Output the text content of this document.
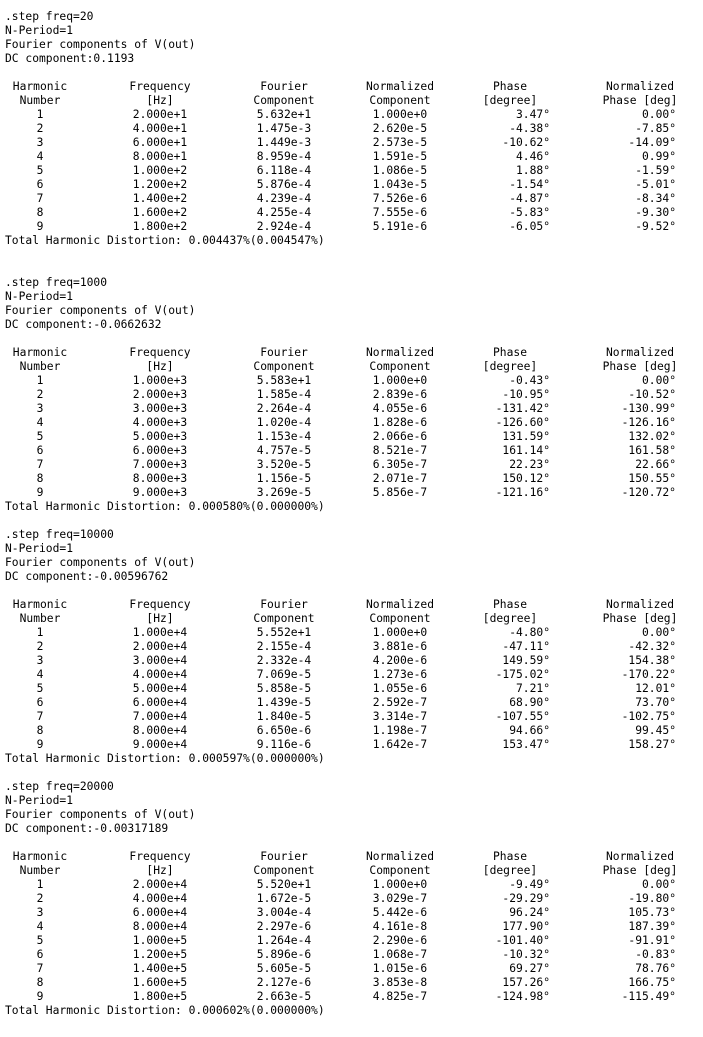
.step freq=20
N-Period=1
Fourier components of V(out)
DC component:0.1193
Harmonic	Frequency	Fourier	Normalized	Phase	Normalized
Number	[Hz]	Component	Component	[degree]	Phase [deg]
1	2.000e+1	5.632e+1	1.000e+0	3.47°	0.00°
2	4.000e+1	1.475e-3	2.620e-5	-4.38°	-7.85°
3	6.000e+1	1.449e-3	2.573e-5	-10.62°	-14.09°
4	8.000e+1	8.959e-4	1.591e-5	4.46°	0.99°
5	1.000e+2	6.118e-4	1.086e-5	1.88°	-1.59°
6	1.200e+2	5.876e-4	1.043e-5	-1.54°	-5.01°
7	1.400e+2	4.239e-4	7.526e-6	-4.87°	-8.34°
8	1.600e+2	4.255e-4	7.555e-6	-5.83°	-9.30°
9	1.800e+2	2.924e-4	5.191e-6	-6.05°	-9.52°
Total Harmonic Distortion: 0.004437%(0.004547%)
.step freq=1000
N-Period=1
Fourier components of V(out)
DC component:-0.0662632
Harmonic	Frequency	Fourier	Normalized	Phase	Normalized
Number	[Hz]	Component	Component	[degree]	Phase [deg]
1	1.000e+3	5.583e+1	1.000e+0	-0.43°	0.00°
2	2.000e+3	1.585e-4	2.839e-6	-10.95°	-10.52°
3	3.000e+3	2.264e-4	4.055e-6	-131.42°	-130.99°
4	4.000e+3	1.020e-4	1.828e-6	-126.60°	-126.16°
5	5.000e+3	1.153e-4	2.066e-6	131.59°	132.02°
6	6.000e+3	4.757e-5	8.521e-7	161.14°	161.58°
7	7.000e+3	3.520e-5	6.305e-7	22.23°	22.66°
8	8.000e+3	1.156e-5	2.071e-7	150.12°	150.55°
9	9.000e+3	3.269e-5	5.856e-7	-121.16°	-120.72°
Total Harmonic Distortion: 0.000580%(0.000000%)
.step freq=10000
N-Period=1
Fourier components of V(out)
DC component:-0.00596762
Harmonic	Frequency	Fourier	Normalized	Phase	Normalized
Number	[Hz]	Component	Component	[degree]	Phase [deg]
1	1.000e+4	5.552e+1	1.000e+0	-4.80°	0.00°
2	2.000e+4	2.155e-4	3.881e-6	-47.11°	-42.32°
3	3.000e+4	2.332e-4	4.200e-6	149.59°	154.38°
4	4.000e+4	7.069e-5	1.273e-6	-175.02°	-170.22°
5	5.000e+4	5.858e-5	1.055e-6	7.21°	12.01°
6	6.000e+4	1.439e-5	2.592e-7	68.90°	73.70°
7	7.000e+4	1.840e-5	3.314e-7	-107.55°	-102.75°
8	8.000e+4	6.650e-6	1.198e-7	94.66°	99.45°
9	9.000e+4	9.116e-6	1.642e-7	153.47°	158.27°
Total Harmonic Distortion: 0.000597%(0.000000%)
.step freq=20000
N-Period=1
Fourier components of V(out)
DC component:-0.00317189
Harmonic	Frequency	Fourier	Normalized	Phase	Normalized
Number	[Hz]	Component	Component	[degree]	Phase [deg]
1	2.000e+4	5.520e+1	1.000e+0	-9.49°	0.00°
2	4.000e+4	1.672e-5	3.029e-7	-29.29°	-19.80°
3	6.000e+4	3.004e-4	5.442e-6	96.24°	105.73°
4	8.000e+4	2.297e-6	4.161e-8	177.90°	187.39°
5	1.000e+5	1.264e-4	2.290e-6	-101.40°	-91.91°
6	1.200e+5	5.896e-6	1.068e-7	-10.32°	-0.83°
7	1.400e+5	5.605e-5	1.015e-6	69.27°	78.76°
8	1.600e+5	2.127e-6	3.853e-8	157.26°	166.75°
9	1.800e+5	2.663e-5	4.825e-7	-124.98°	-115.49°
Total Harmonic Distortion: 0.000602%(0.000000%)
